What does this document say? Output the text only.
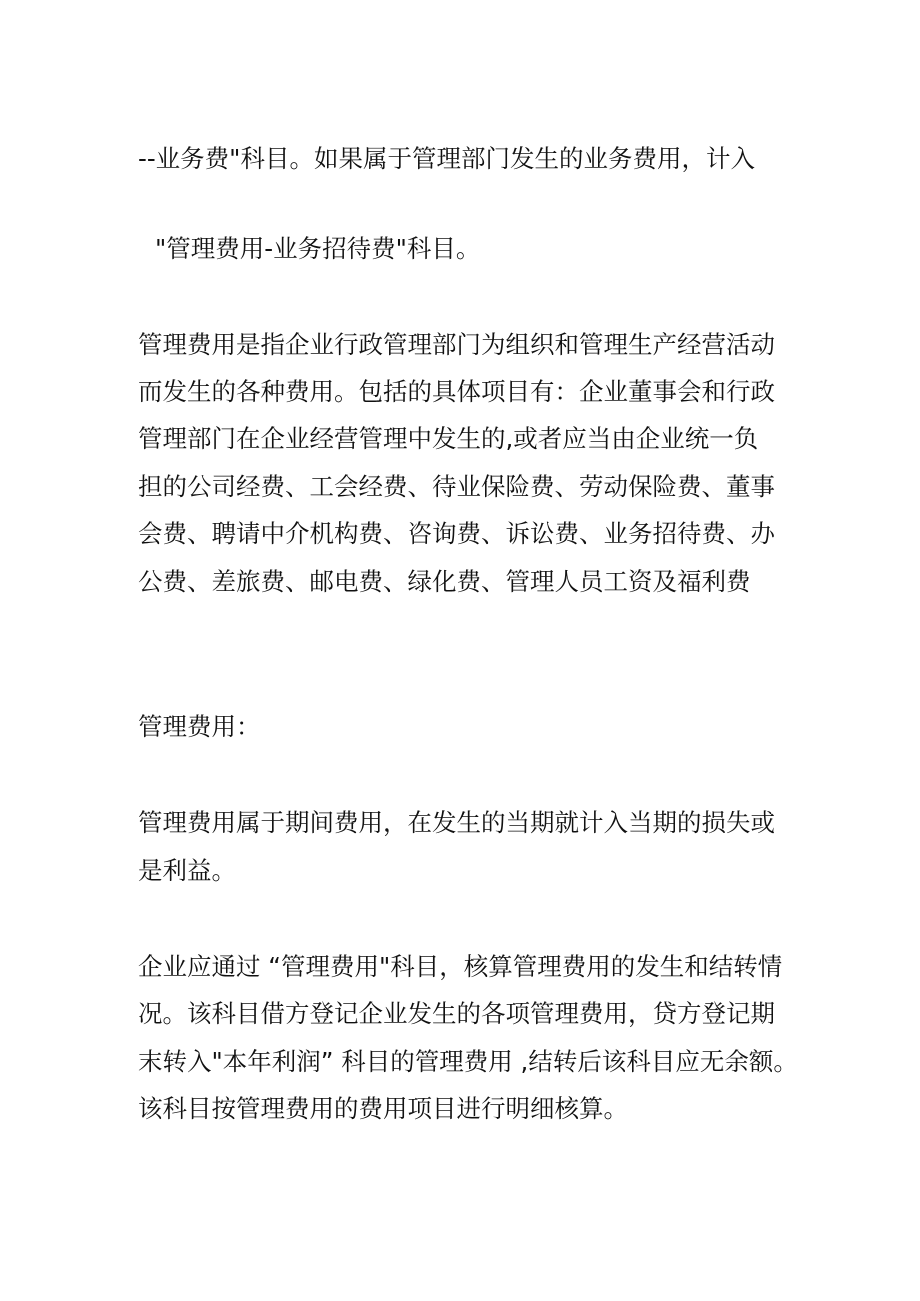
--业务费"科目。如果属于管理部门发生的业务费用，计入
"管理费用-业务招待费"科目。
管理费用是指企业行政管理部门为组织和管理生产经营活动
而发生的各种费用。包括的具体项目有：企业董事会和行政
管理部门在企业经营管理中发生的,或者应当由企业统一负
担的公司经费、工会经费、待业保险费、劳动保险费、董事
会费、聘请中介机构费、咨询费、诉讼费、业务招待费、办
公费、差旅费、邮电费、绿化费、管理人员工资及福利费
管理费用：
管理费用属于期间费用，在发生的当期就计入当期的损失或
是利益。
企业应通过 “管理费用"科目，核算管理费用的发生和结转情
况。该科目借方登记企业发生的各项管理费用，贷方登记期
末转入"本年利润” 科目的管理费用 ,结转后该科目应无余额。
该科目按管理费用的费用项目进行明细核算。
